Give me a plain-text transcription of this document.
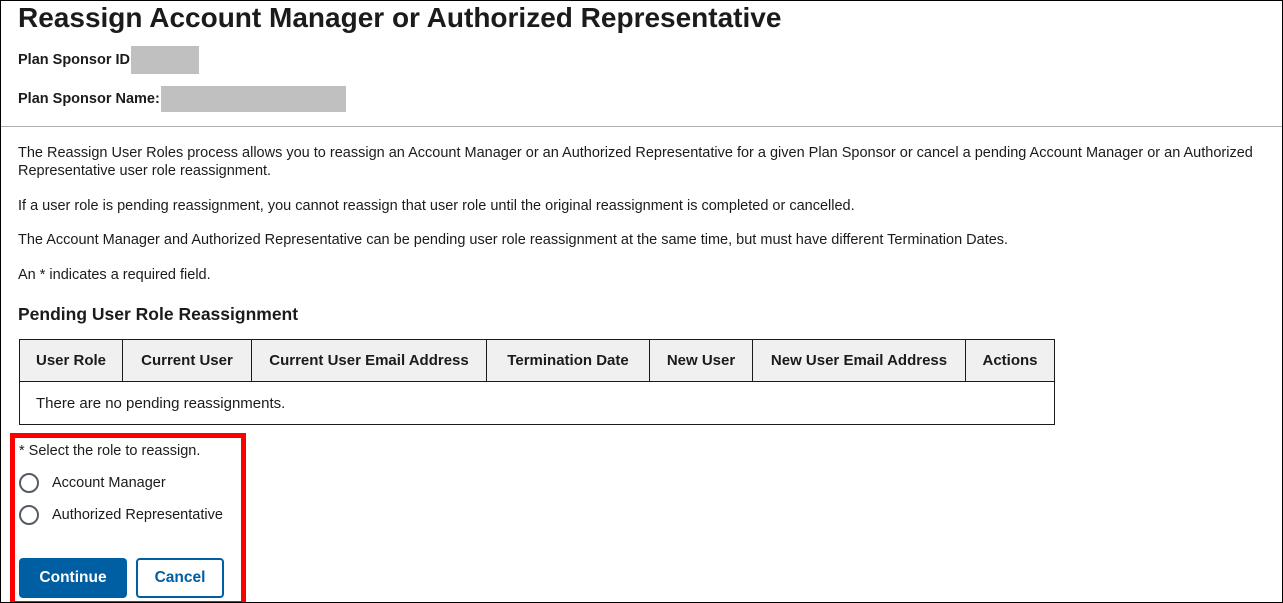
Reassign Account Manager or Authorized Representative
Plan Sponsor ID
Plan Sponsor Name:

The Reassign User Roles process allows you to reassign an Account Manager or an Authorized Representative for a given Plan Sponsor or cancel a pending Account Manager or an Authorized Representative user role reassignment.

If a user role is pending reassignment, you cannot reassign that user role until the original reassignment is completed or cancelled.

The Account Manager and Authorized Representative can be pending user role reassignment at the same time, but must have different Termination Dates.

An * indicates a required field.

Pending User Role Reassignment
User Role	Current User	Current User Email Address	Termination Date	New User	New User Email Address	Actions
There are no pending reassignments.
* Select the role to reassign.
Account Manager
Authorized Representative
Continue	Cancel
